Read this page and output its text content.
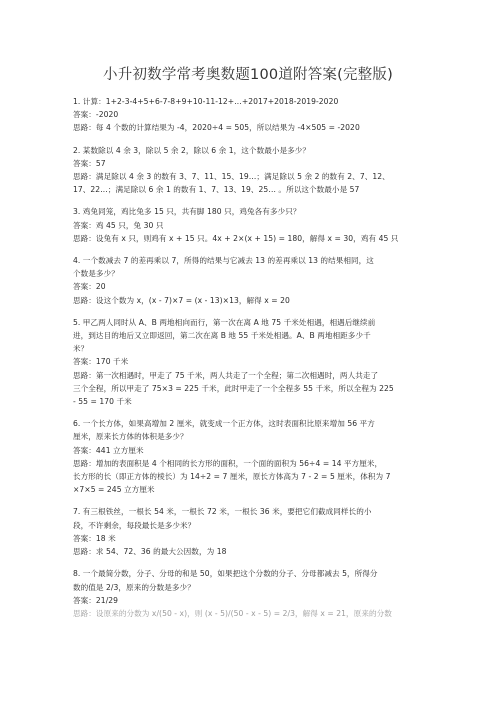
小升初数学常考奥数题100道附答案(完整版)
1. 计算：1+2-3-4+5+6-7-8+9+10-11-12+…+2017+2018-2019-2020
答案：-2020
思路：每 4 个数的计算结果为 -4，2020÷4 = 505，所以结果为 -4×505 = -2020
2. 某数除以 4 余 3，除以 5 余 2，除以 6 余 1，这个数最小是多少？
答案：57
思路：满足除以 4 余 3 的数有 3、7、11、15、19…；满足除以 5 余 2 的数有 2、7、12、
17、22…；满足除以 6 余 1 的数有 1、7、13、19、25… 。所以这个数最小是 57
3. 鸡兔同笼，鸡比兔多 15 只，共有脚 180 只，鸡兔各有多少只？
答案：鸡 45 只，兔 30 只
思路：设兔有 x 只，则鸡有 x + 15 只。4x + 2×(x + 15) = 180，解得 x = 30，鸡有 45 只
4. 一个数减去 7 的差再乘以 7，所得的结果与它减去 13 的差再乘以 13 的结果相同，这
个数是多少？
答案：20
思路：设这个数为 x，(x - 7)×7 = (x - 13)×13，解得 x = 20
5. 甲乙两人同时从 A、B 两地相向而行，第一次在离 A 地 75 千米处相遇，相遇后继续前
进，到达目的地后又立即返回，第二次在离 B 地 55 千米处相遇。A、B 两地相距多少千
米？
答案：170 千米
思路：第一次相遇时，甲走了 75 千米，两人共走了一个全程；第二次相遇时，两人共走了
三个全程，所以甲走了 75×3 = 225 千米，此时甲走了一个全程多 55 千米，所以全程为 225
- 55 = 170 千米
6. 一个长方体，如果高增加 2 厘米，就变成一个正方体，这时表面积比原来增加 56 平方
厘米，原来长方体的体积是多少？
答案：441 立方厘米
思路：增加的表面积是 4 个相同的长方形的面积，一个面的面积为 56÷4 = 14 平方厘米，
长方形的长（即正方体的棱长）为 14÷2 = 7 厘米，原长方体高为 7 - 2 = 5 厘米，体积为 7
×7×5 = 245 立方厘米
7. 有三根铁丝，一根长 54 米，一根长 72 米，一根长 36 米，要把它们截成同样长的小
段，不许剩余，每段最长是多少米？
答案：18 米
思路：求 54、72、36 的最大公因数，为 18
8. 一个最简分数，分子、分母的和是 50，如果把这个分数的分子、分母都减去 5，所得分
数的值是 2/3，原来的分数是多少？
答案：21/29
思路：设原来的分数为 x/(50 - x)，则 (x - 5)/(50 - x - 5) = 2/3，解得 x = 21，原来的分数
